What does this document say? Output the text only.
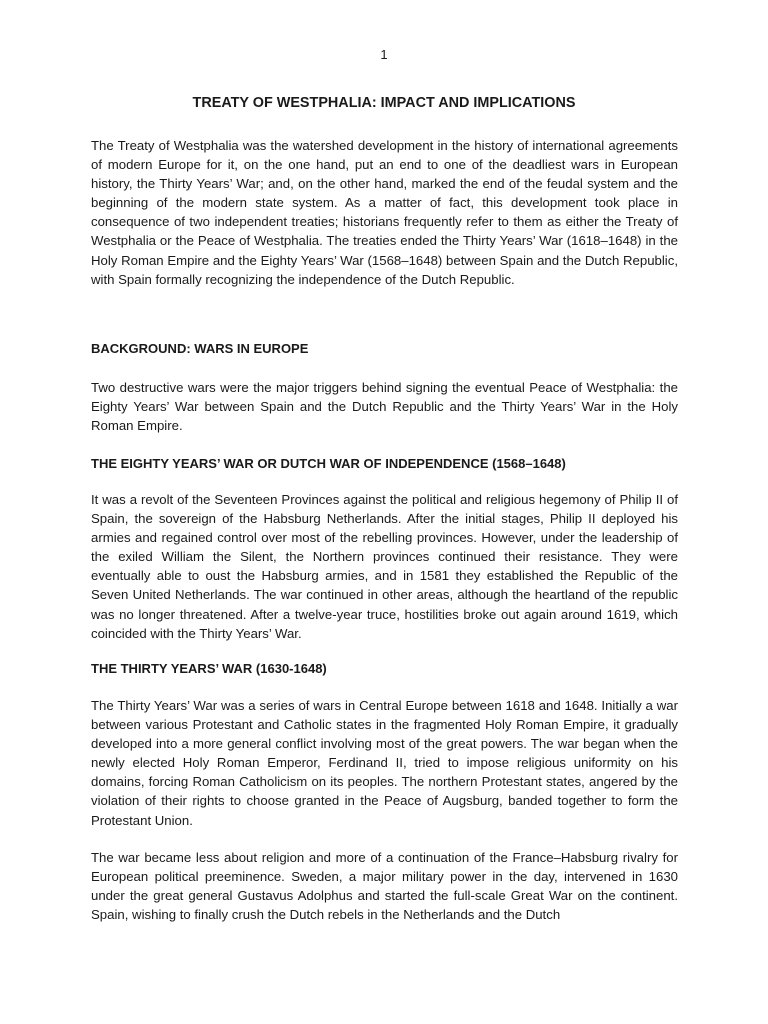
1
TREATY OF WESTPHALIA: IMPACT AND IMPLICATIONS

The Treaty of Westphalia was the watershed development in the history of international agreements of modern Europe for it, on the one hand, put an end to one of the deadliest wars in European history, the Thirty Years’ War; and, on the other hand, marked the end of the feudal system and the beginning of the modern state system. As a matter of fact, this development took place in consequence of two independent treaties; historians frequently refer to them as either the Treaty of Westphalia or the Peace of Westphalia. The treaties ended the Thirty Years’ War (1618–1648) in the Holy Roman Empire and the Eighty Years’ War (1568–1648) between Spain and the Dutch Republic, with Spain formally recognizing the independence of the Dutch Republic.

BACKGROUND: WARS IN EUROPE

Two destructive wars were the major triggers behind signing the eventual Peace of Westphalia: the Eighty Years’ War between Spain and the Dutch Republic and the Thirty Years’ War in the Holy Roman Empire.

THE EIGHTY YEARS’ WAR OR DUTCH WAR OF INDEPENDENCE (1568–1648)

It was a revolt of the Seventeen Provinces against the political and religious hegemony of Philip II of Spain, the sovereign of the Habsburg Netherlands. After the initial stages, Philip II deployed his armies and regained control over most of the rebelling provinces. However, under the leadership of the exiled William the Silent, the Northern provinces continued their resistance. They were eventually able to oust the Habsburg armies, and in 1581 they established the Republic of the Seven United Netherlands. The war continued in other areas, although the heartland of the republic was no longer threatened. After a twelve-year truce, hostilities broke out again around 1619, which coincided with the Thirty Years’ War.

THE THIRTY YEARS’ WAR (1630-1648)

The Thirty Years’ War was a series of wars in Central Europe between 1618 and 1648. Initially a war between various Protestant and Catholic states in the fragmented Holy Roman Empire, it gradually developed into a more general conflict involving most of the great powers. The war began when the newly elected Holy Roman Emperor, Ferdinand II, tried to impose religious uniformity on his domains, forcing Roman Catholicism on its peoples. The northern Protestant states, angered by the violation of their rights to choose granted in the Peace of Augsburg, banded together to form the Protestant Union.

The war became less about religion and more of a continuation of the France–Habsburg rivalry for European political preeminence. Sweden, a major military power in the day, intervened in 1630 under the great general Gustavus Adolphus and started the full-scale Great War on the continent. Spain, wishing to finally crush the Dutch rebels in the Netherlands and the Dutch
